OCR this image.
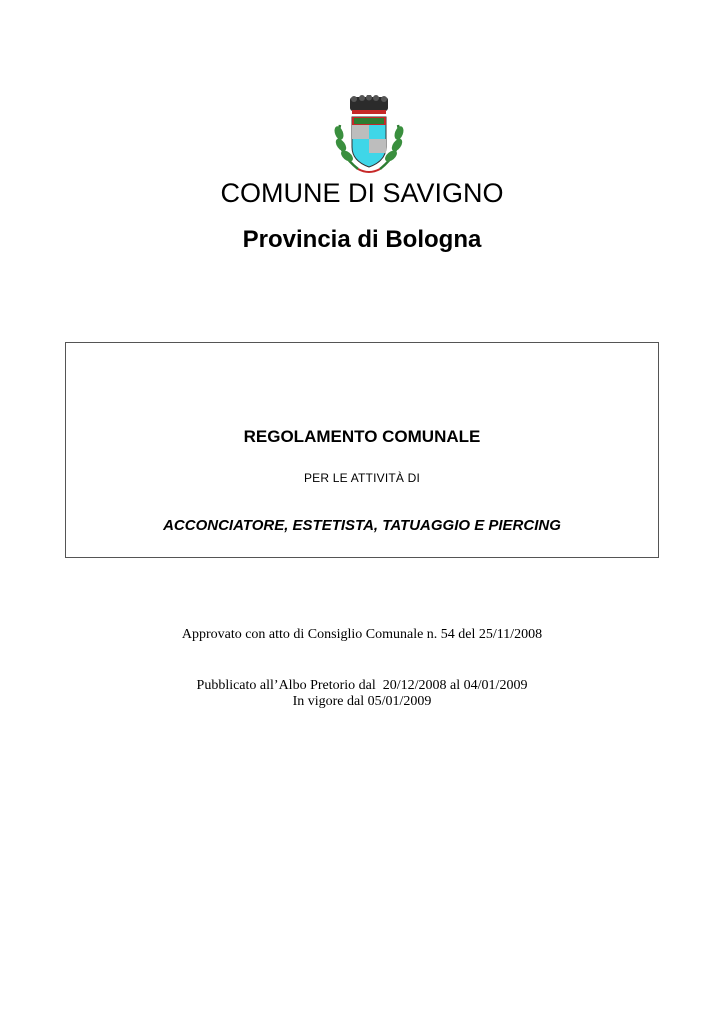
COMUNE DI SAVIGNO
Provincia di Bologna
REGOLAMENTO COMUNALE
PER LE ATTIVITÀ DI
ACCONCIATORE, ESTETISTA, TATUAGGIO E PIERCING
Approvato con atto di Consiglio Comunale n. 54 del 25/11/2008
Pubblicato all’Albo Pretorio dal  20/12/2008 al 04/01/2009
In vigore dal 05/01/2009
